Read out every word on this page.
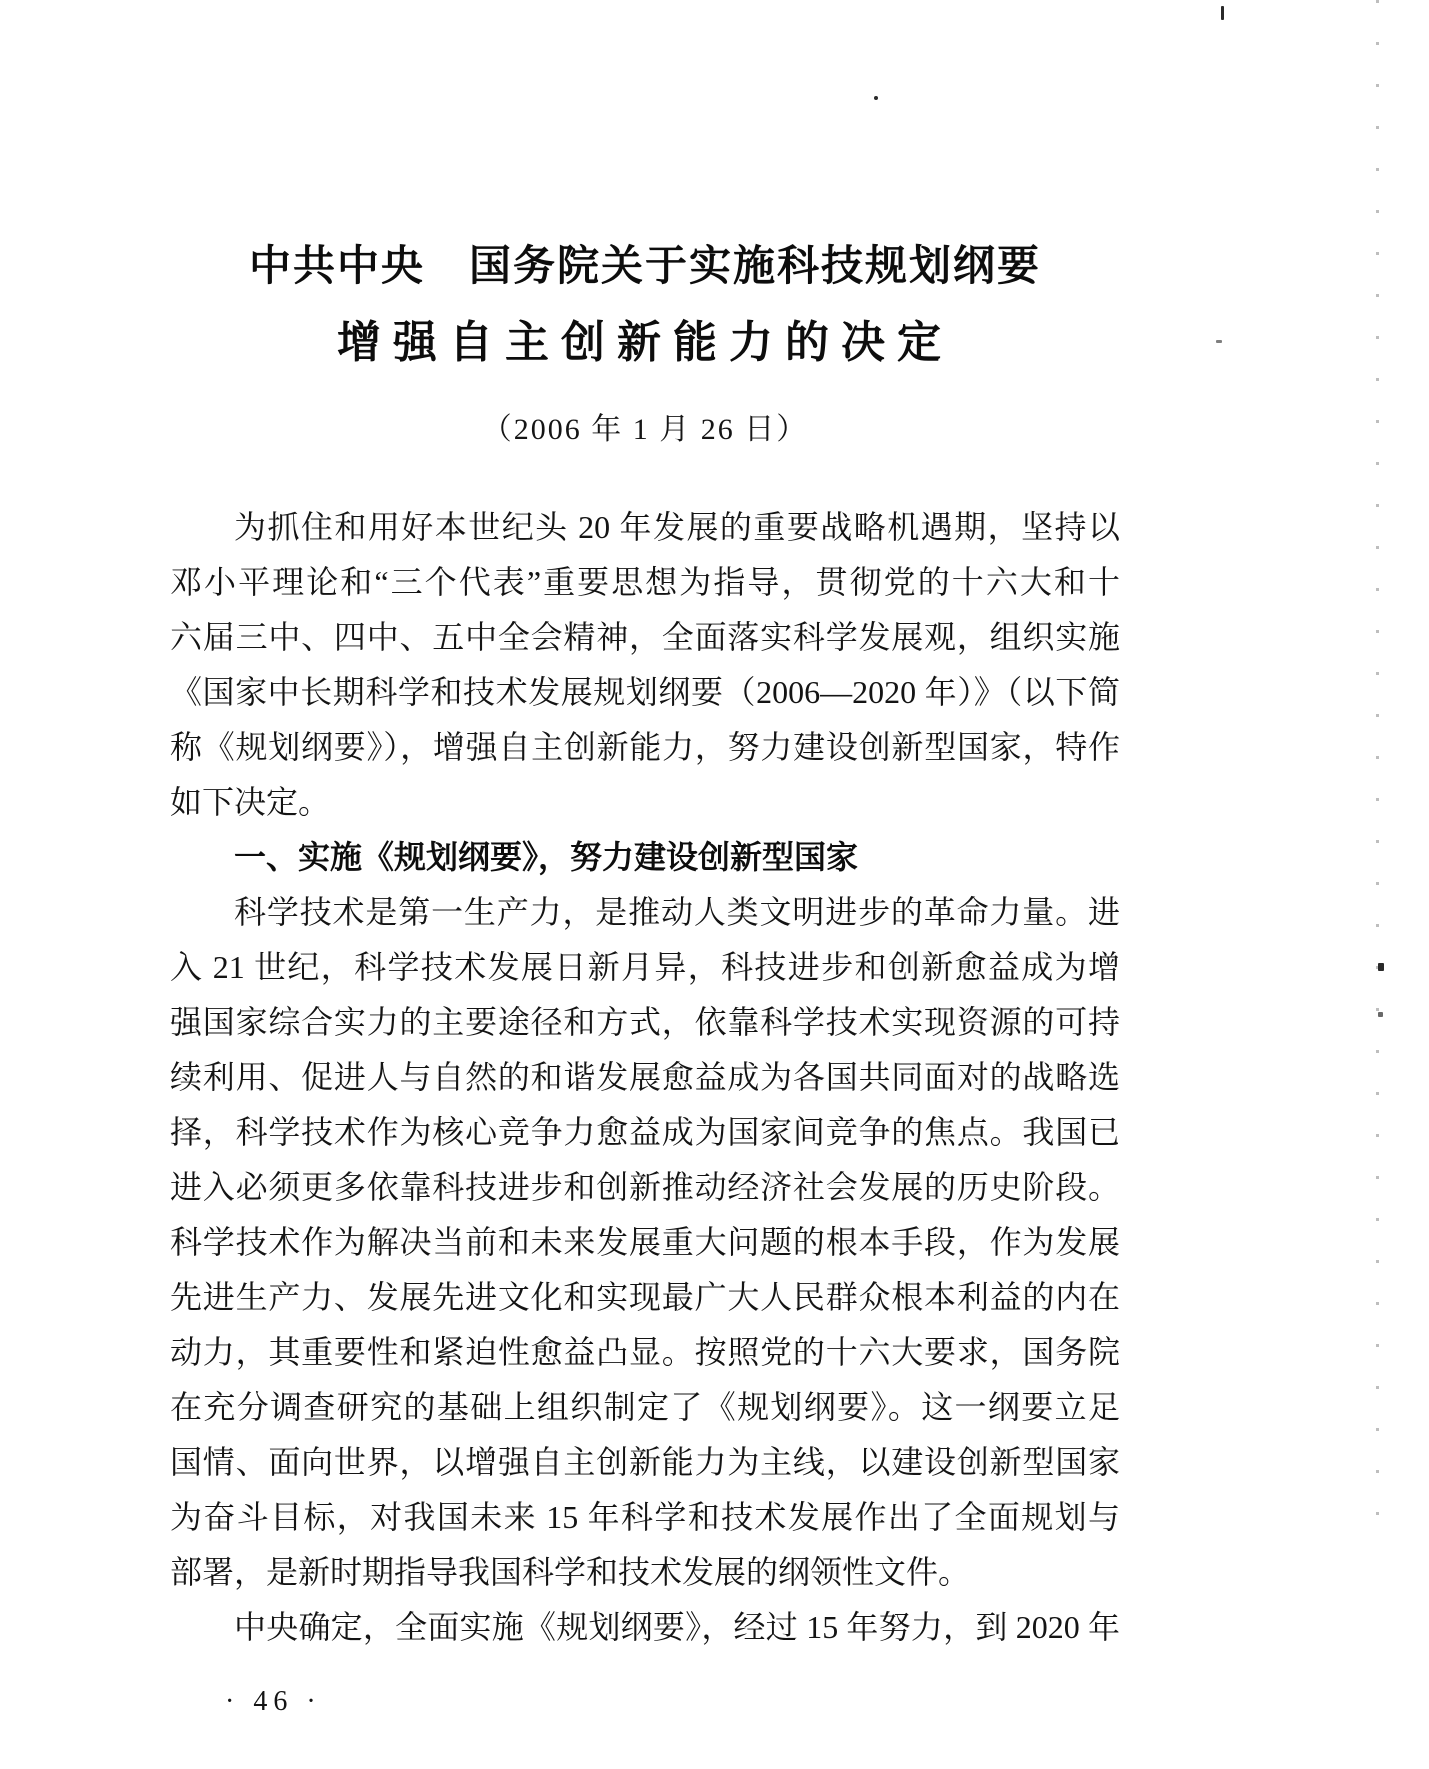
中共中央　国务院关于实施科技规划纲要
增强自主创新能力的决定
（2006 年 1 月 26 日）
为抓住和用好本世纪头 20 年发展的重要战略机遇期，坚持以
邓小平理论和“三个代表”重要思想为指导，贯彻党的十六大和十
六届三中、四中、五中全会精神，全面落实科学发展观，组织实施
《国家中长期科学和技术发展规划纲要（2006—2020 年）》（以下简
称《规划纲要》），增强自主创新能力，努力建设创新型国家，特作
如下决定。
一、实施《规划纲要》，努力建设创新型国家
科学技术是第一生产力，是推动人类文明进步的革命力量。进
入 21 世纪，科学技术发展日新月异，科技进步和创新愈益成为增
强国家综合实力的主要途径和方式，依靠科学技术实现资源的可持
续利用、促进人与自然的和谐发展愈益成为各国共同面对的战略选
择，科学技术作为核心竞争力愈益成为国家间竞争的焦点。我国已
进入必须更多依靠科技进步和创新推动经济社会发展的历史阶段。
科学技术作为解决当前和未来发展重大问题的根本手段，作为发展
先进生产力、发展先进文化和实现最广大人民群众根本利益的内在
动力，其重要性和紧迫性愈益凸显。按照党的十六大要求，国务院
在充分调查研究的基础上组织制定了《规划纲要》。这一纲要立足
国情、面向世界，以增强自主创新能力为主线，以建设创新型国家
为奋斗目标，对我国未来 15 年科学和技术发展作出了全面规划与
部署，是新时期指导我国科学和技术发展的纲领性文件。
中央确定，全面实施《规划纲要》，经过 15 年努力，到 2020 年
· 46 ·
